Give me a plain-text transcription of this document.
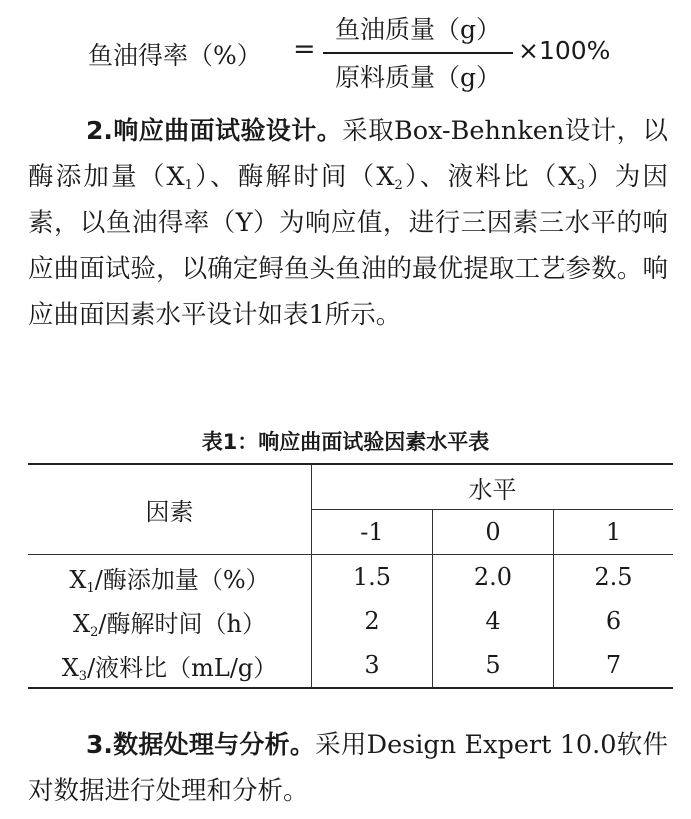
鱼油得率（%） =
鱼油质量（g）
原料质量（g）
×100%
2.响应曲面试验设计。采取Box-Behnken设计，以酶添加量$(X_1)$、酶解时间$(X_2)$、液料比$(X_3)$为因素，以鱼油得率（Y）为响应值，进行三因素三水平的响应曲面试验，以确定鲟鱼头鱼油的最优提取工艺参数。响应曲面因素水平设计如表1所示。
表1：响应曲面试验因素水平表
因素	水平		
	-1	0	1
$X_1/$酶添加量（%）	1.5	2.0	2.5
$X_2/$酶解时间（h）	2	4	6
$X_3/$液料比（mL/g）	3	5	7
3.数据处理与分析。采用Design Expert 10.0软件对数据进行处理和分析。
